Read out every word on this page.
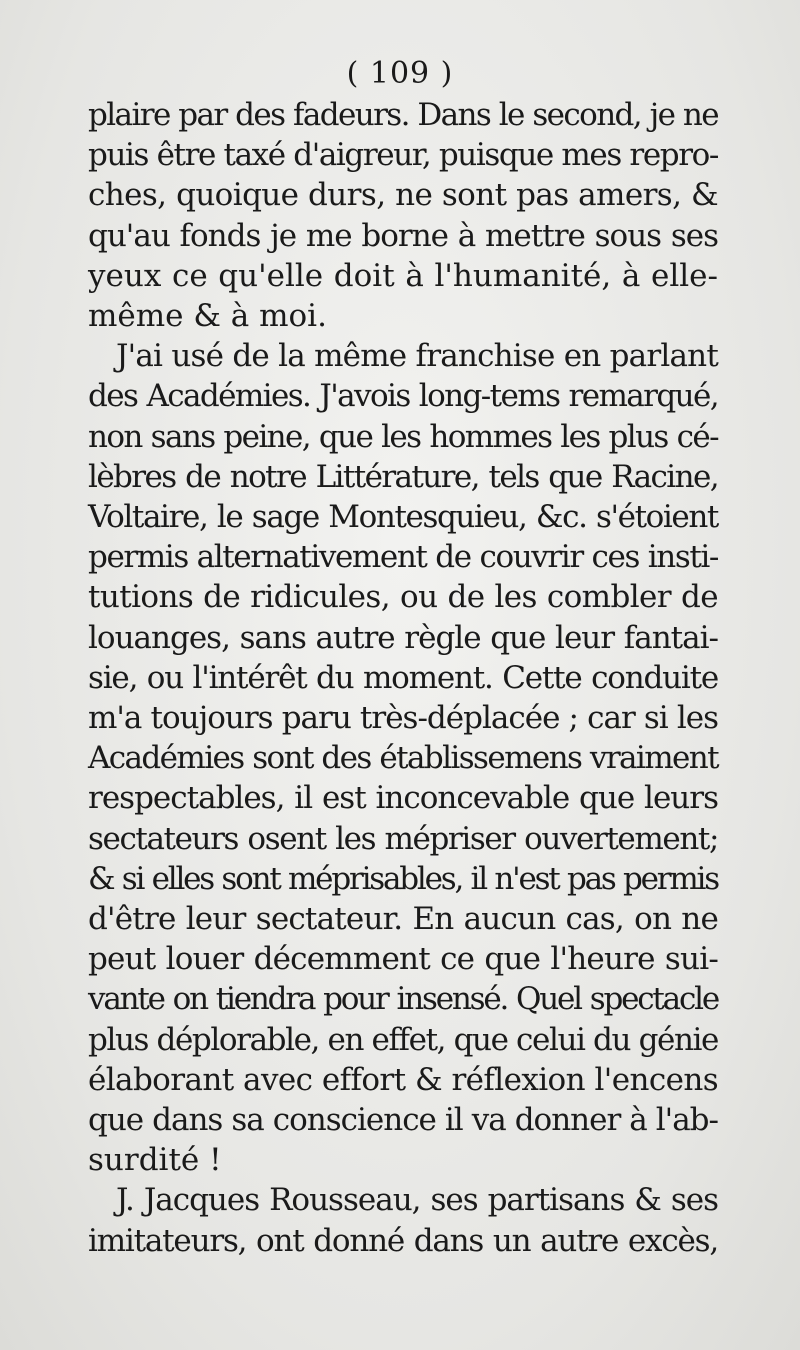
( 109 )
plaire par des fadeurs. Dans le second, je ne
puis être taxé d'aigreur, puisque mes repro-
ches, quoique durs, ne sont pas amers, &
qu'au fonds je me borne à mettre sous ses
yeux ce qu'elle doit à l'humanité, à elle-
même & à moi.
J'ai usé de la même franchise en parlant
des Académies. J'avois long-tems remarqué,
non sans peine, que les hommes les plus cé-
lèbres de notre Littérature, tels que Racine,
Voltaire, le sage Montesquieu, &c. s'étoient
permis alternativement de couvrir ces insti-
tutions de ridicules, ou de les combler de
louanges, sans autre règle que leur fantai-
sie, ou l'intérêt du moment. Cette conduite
m'a toujours paru très-déplacée ; car si les
Académies sont des établissemens vraiment
respectables, il est inconcevable que leurs
sectateurs osent les mépriser ouvertement;
& si elles sont méprisables, il n'est pas permis
d'être leur sectateur. En aucun cas, on ne
peut louer décemment ce que l'heure sui-
vante on tiendra pour insensé. Quel spectacle
plus déplorable, en effet, que celui du génie
élaborant avec effort & réflexion l'encens
que dans sa conscience il va donner à l'ab-
surdité !
J. Jacques Rousseau, ses partisans & ses
imitateurs, ont donné dans un autre excès,
